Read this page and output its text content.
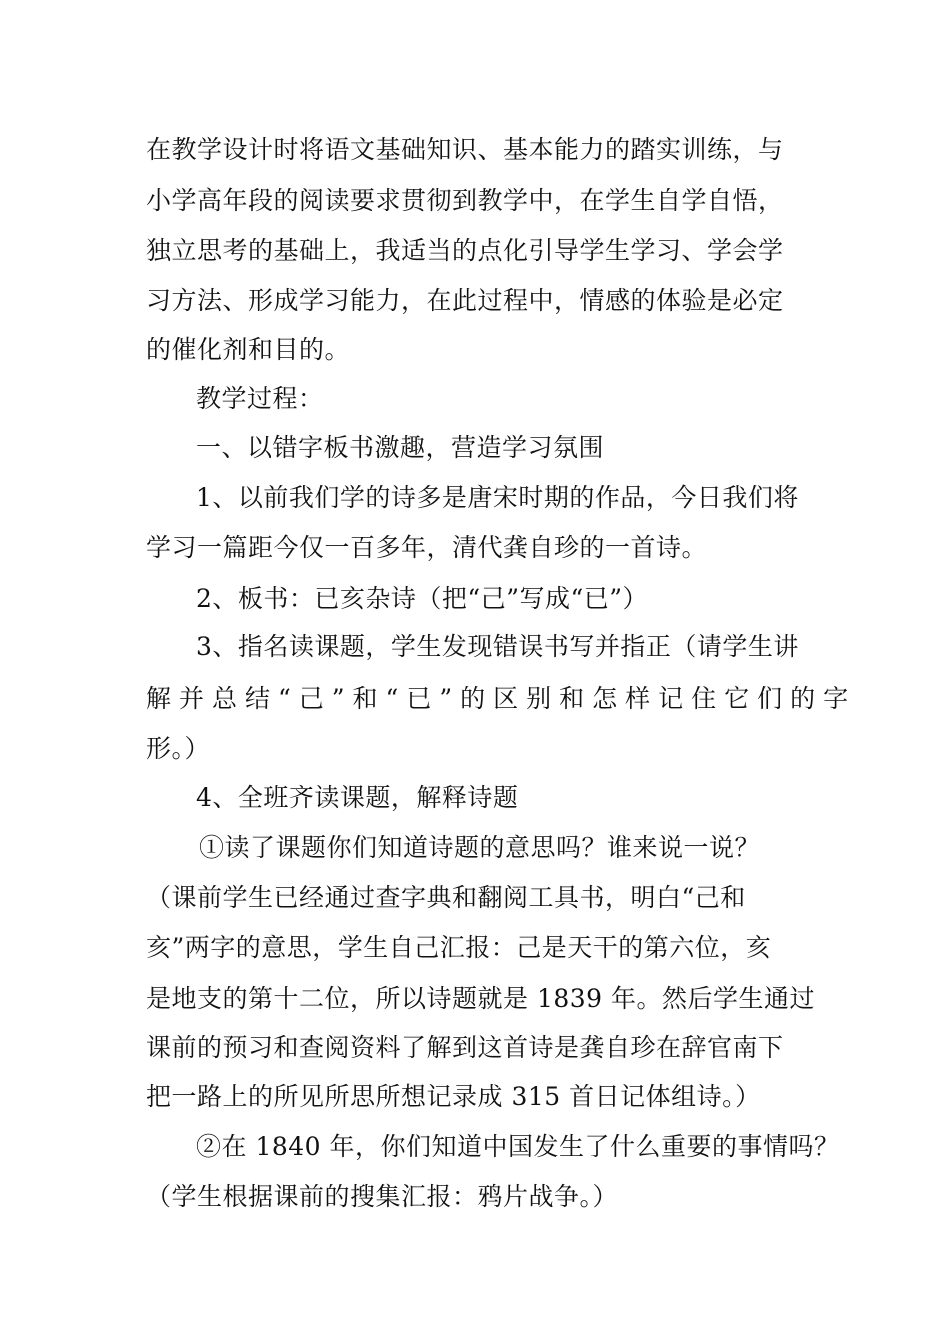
在教学设计时将语文基础知识、基本能力的踏实训练，与
小学高年段的阅读要求贯彻到教学中，在学生自学自悟，
独立思考的基础上，我适当的点化引导学生学习、学会学
习方法、形成学习能力，在此过程中，情感的体验是必定
的催化剂和目的。
教学过程：
一、以错字板书激趣，营造学习氛围
1、以前我们学的诗多是唐宋时期的作品，今日我们将
学习一篇距今仅一百多年，清代龚自珍的一首诗。
2、板书：已亥杂诗（把“己”写成“已”）
3、指名读课题，学生发现错误书写并指正（请学生讲
解并总结“己”和“已”的区别和怎样记住它们的字
形。）
4、全班齐读课题，解释诗题
①读了课题你们知道诗题的意思吗？谁来说一说？
（课前学生已经通过查字典和翻阅工具书，明白“己和
亥”两字的意思，学生自己汇报：己是天干的第六位，亥
是地支的第十二位，所以诗题就是 1839 年。然后学生通过
课前的预习和查阅资料了解到这首诗是龚自珍在辞官南下
把一路上的所见所思所想记录成 315 首日记体组诗。）
②在 1840 年，你们知道中国发生了什么重要的事情吗？
（学生根据课前的搜集汇报：鸦片战争。）
